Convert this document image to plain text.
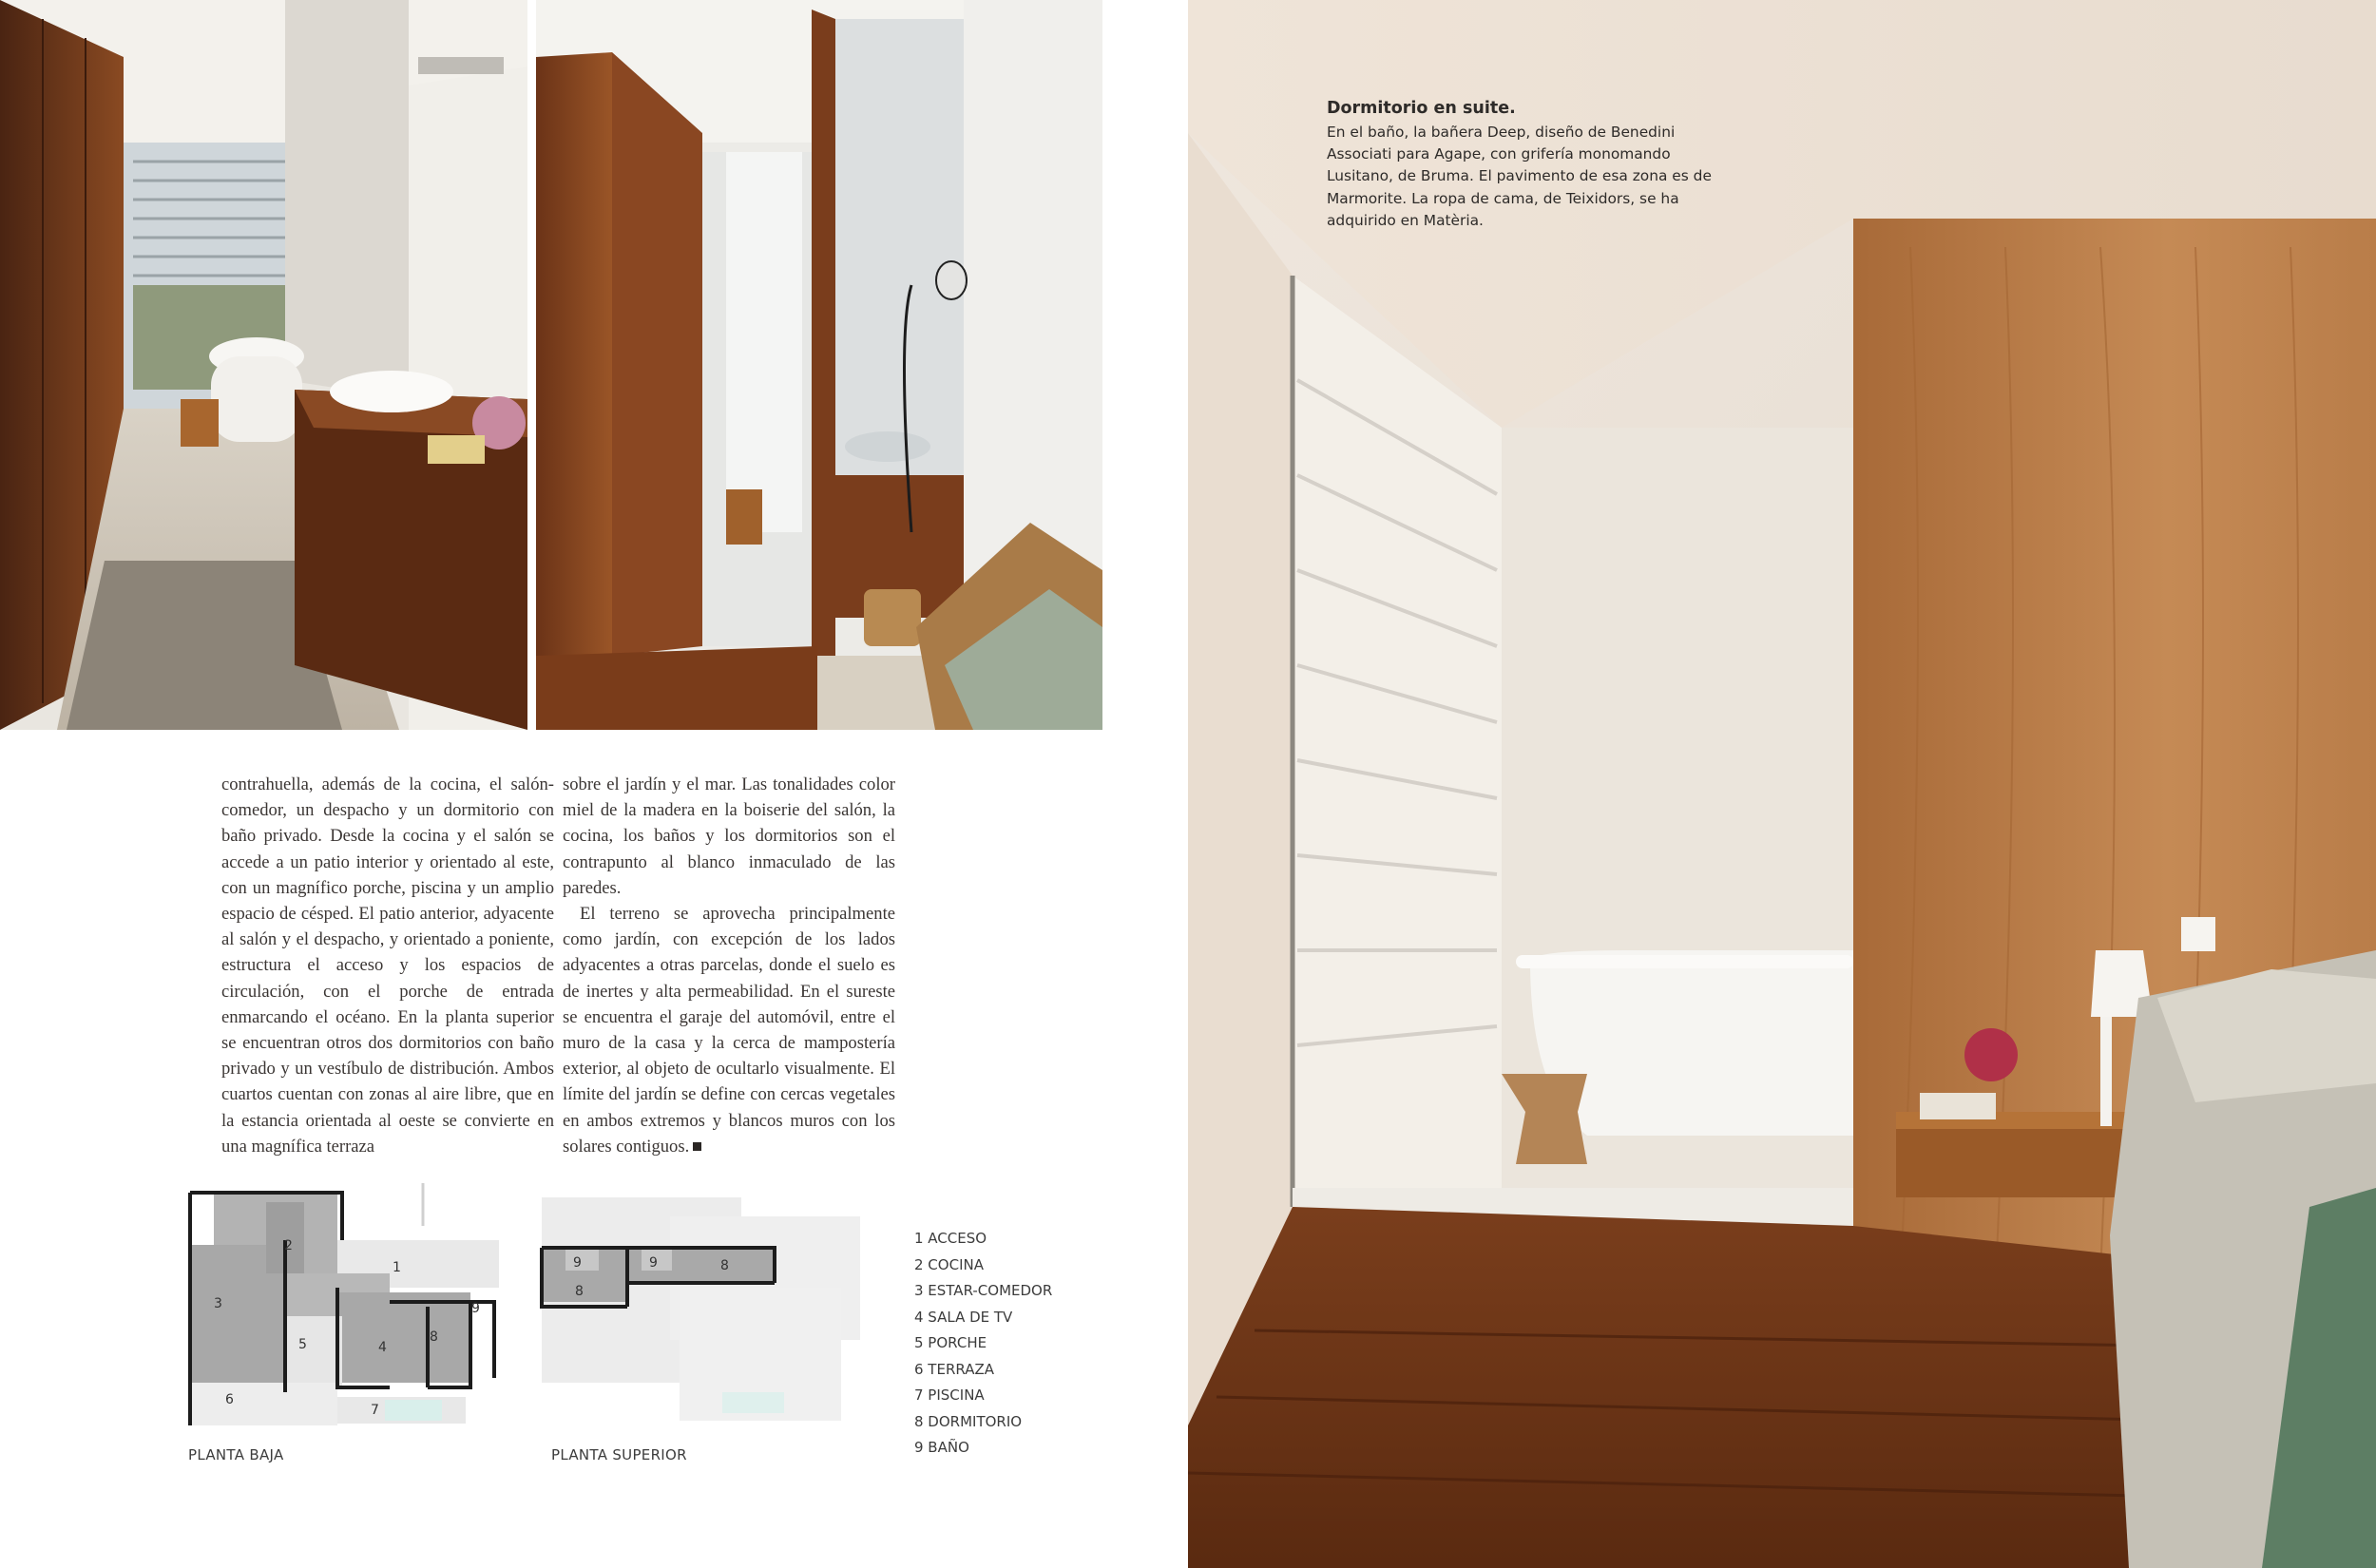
contrahuella, además de la cocina, el salón-comedor, un despacho y un dormitorio con baño privado. Desde la cocina y el salón se accede a un patio interior y orientado al este, con un magnífico porche, piscina y un amplio espacio de césped. El patio anterior, adyacente al salón y el despacho, y orientado a poniente, estructura el acceso y los espacios de circulación, con el porche de entrada enmarcando el océano. En la planta superior se encuentran otros dos dormitorios con baño privado y un vestíbulo de distribución. Ambos cuartos cuentan con zonas al aire libre, que en la estancia orientada al oeste se convierte en una magnífica terraza

sobre el jardín y el mar. Las tonalidades color miel de la madera en la boiserie del salón, la cocina, los baños y los dormitorios son el contrapunto al blanco inmaculado de las paredes.

El terreno se aprovecha principalmente como jardín, con excepción de los lados adyacentes a otras parcelas, donde el suelo es de inertes y alta permeabilidad. En el sureste se encuentra el garaje del automóvil, entre el muro de la casa y la cerca de mampostería exterior, al objeto de ocultarlo visualmente. El límite del jardín se define con cercas vegetales en ambos extremos y blancos muros con los solares contiguos.

1
2
3
4
5
6
7
8
9
PLANTA BAJA
9	9	8
8
PLANTA SUPERIOR
1 ACCESO
2 COCINA
3 ESTAR-COMEDOR
4 SALA DE TV
5 PORCHE
6 TERRAZA
7 PISCINA
8 DORMITORIO
9 BAÑO
Dormitorio en suite.
En el baño, la bañera Deep, diseño de Benedini Associati para Agape, con grifería monomando Lusitano, de Bruma. El pavimento de esa zona es de Marmorite. La ropa de cama, de Teixidors, se ha adquirido en Matèria.
